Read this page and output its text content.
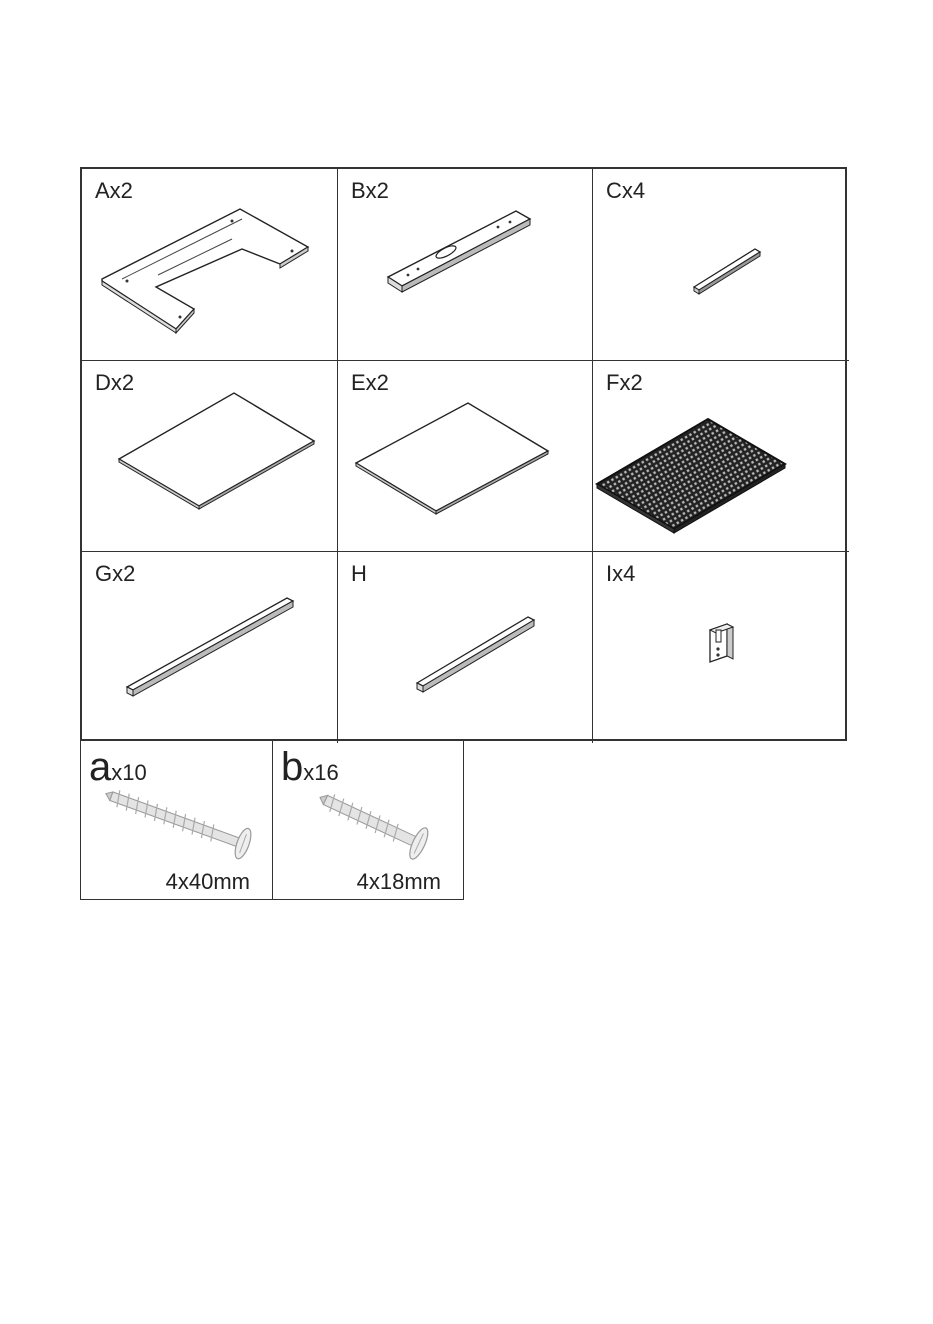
Ax2	Bx2	Cx4
Dx2	Ex2	Fx2
Gx2	H	Ix4
ax10
4x40mm
bx16
4x18mm
